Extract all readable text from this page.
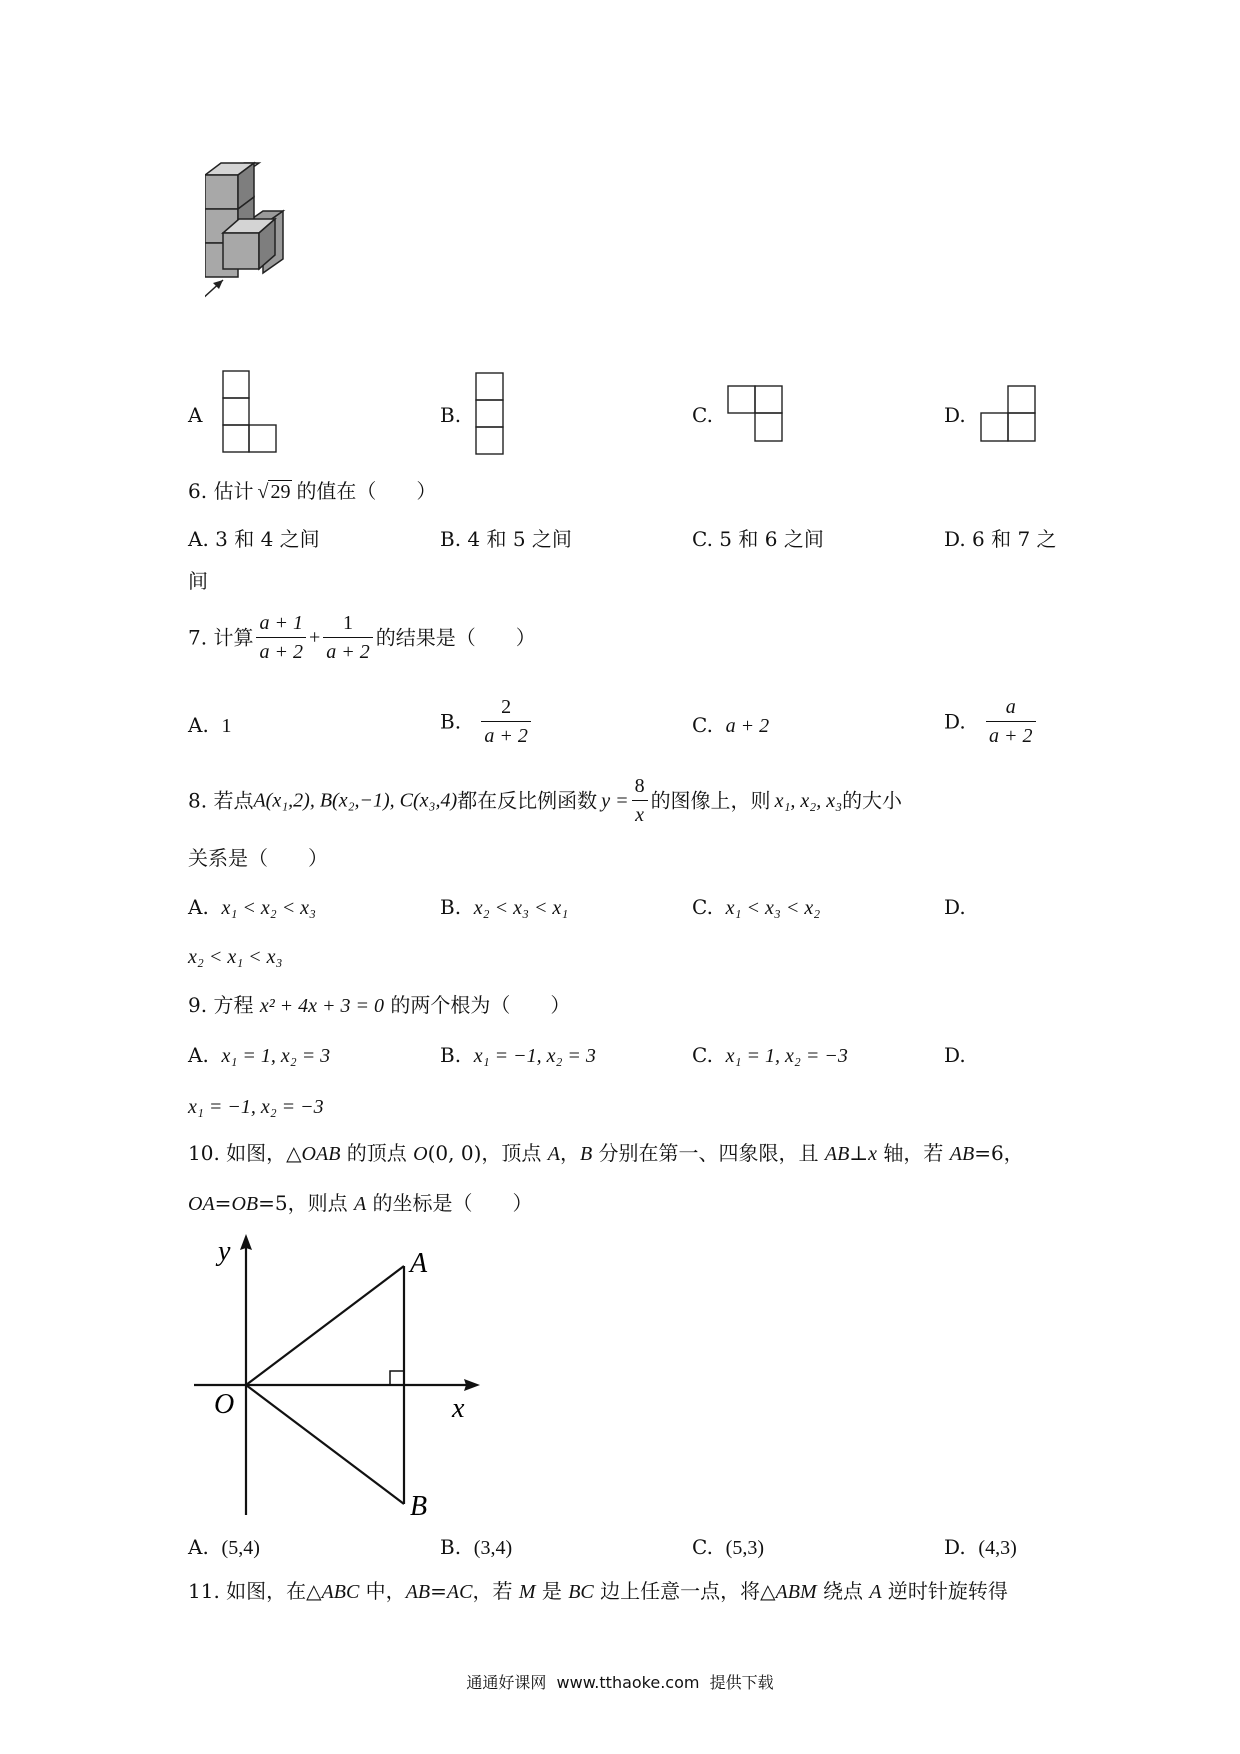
A	B.	C.	D.
6. 估计 √ 29 的值在（　　）
A. 3 和 4 之间	B. 4 和 5 之间	C. 5 和 6 之间	D. 6 和 7 之
间
7. 计算 $\frac{a + 1}{a + 2} + \frac{1}{a + 2}$ 的结果是（　　）
A. 1	B. $\frac{2}{a + 2}$	C. a + 2	D. $\frac{a}{a + 2}$
8. 若点A(x₁,2), B(x₂,−1), C(x₃,4)都在反比例函数 $y = \frac{8}{x}$ 的图像上，则 x₁, x₂, x₃的大小
关系是（　　）
A. x₁ < x₂ < x₃	B. x₂ < x₃ < x₁	C. x₁ < x₃ < x₂	D.
x₂ < x₁ < x₃
9. 方程 x² + 4x + 3 = 0 的两个根为（　　）
A. x₁ = 1, x₂ = 3	B. x₁ = −1, x₂ = 3	C. x₁ = 1, x₂ = −3	D.
x₁ = −1, x₂ = −3
10. 如图，△OAB 的顶点 O(0, 0)，顶点 A，B 分别在第一、四象限，且 AB⊥x 轴，若 AB=6，
OA=OB=5，则点 A 的坐标是（　　）
y
x
O
A
B
A. (5,4)	B. (3,4)	C. (5,3)	D. (4,3)
11. 如图，在△ABC 中，AB=AC，若 M 是 BC 边上任意一点，将△ABM 绕点 A 逆时针旋转得
通通好课网  www.tthaoke.com  提供下载
